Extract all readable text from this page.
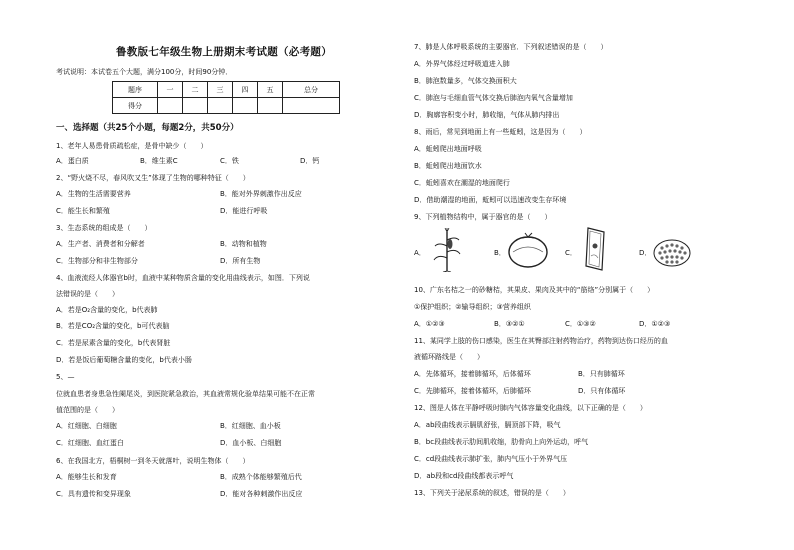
鲁教版七年级生物上册期末考试题（必考题）
考试说明：本试卷五个大题，满分100分，时间90分钟．
题序	一	二	三	四	五	总分
得分						
一、选择题（共25个小题，每题2分，共50分）
1、老年人易患骨质疏松症，是骨中缺少（　　）
A．蛋白质	B．维生素C	C．铁	D．钙
2、“野火烧不尽，春风吹又生”体现了生物的哪种特征（　　）
A．生物的生活需要营养	B．能对外界刺激作出反应
C．能生长和繁殖	D．能进行呼吸
3、生态系统的组成是（　　）
A．生产者、消费者和分解者	B．动物和植物
C．生物部分和非生物部分	D．所有生物
4、血液流经人体器官b时，血液中某种物质含量的变化用曲线表示，如图．下列说
法错误的是（　　）
A．若是O₂含量的变化，b代表肺
B．若是CO₂含量的变化，b可代表脑
C．若是尿素含量的变化，b代表肾脏
D．若是饭后葡萄糖含量的变化，b代表小肠
5、—
位就血患者身患急性阑尾炎，到医院紧急救治，其血液常规化验单结果可能不在正常
值范围的是（　　）
A．红细胞、白细胞	B．红细胞、血小板
C．红细胞、血红蛋白	D．血小板、白细胞
6、在我国北方，梧桐树一到冬天就落叶，说明生物体（　　）
A．能够生长和发育	B．成熟个体能够繁殖后代
C．具有遗传和变异现象	D．能对各种刺激作出反应
7、肺是人体呼吸系统的主要器官．下列叙述错误的是（　　）
A．外界气体经过呼吸道进入肺
B．肺泡数量多，气体交换面积大
C．肺泡与毛细血管气体交换后肺泡内氧气含量增加
D．胸廓容积变小时，肺收缩，气体从肺内排出
8、雨后，常见到地面上有一些蚯蚓，这是因为（　　）
A．蚯蚓爬出地面呼吸
B．蚯蚓爬出地面饮水
C．蚯蚓喜欢在潮湿的地面爬行
D．借助潮湿的地面，蚯蚓可以迅速改变生存环境
9、下列植物结构中，属于器官的是（　　）
A．	B．	C．	D．
10、广东名桔之一的砂糖桔，其果皮、果肉及其中的“筋络”分别属于（　　）
①保护组织；②输导组织；③营养组织
A．①②③	B．③②①	C．①③②	D．①②③
11、某同学上肢的伤口感染，医生在其臀部注射药物治疗，药物到达伤口经历的血
液循环路线是（　　）
A．先体循环，接着肺循环，后体循环	B．只有肺循环
C．先肺循环，接着体循环，后肺循环	D．只有体循环
12、图是人体在平静呼吸时肺内气体容量变化曲线，以下正确的是（　　）
A．ab段曲线表示膈肌舒张，膈顶部下降，吸气
B．bc段曲线表示肋间肌收缩，肋骨向上向外运动，呼气
C．cd段曲线表示肺扩张，肺内气压小于外界气压
D．ab段和cd段曲线都表示呼气
13、下列关于泌尿系统的叙述，错误的是（　　）
